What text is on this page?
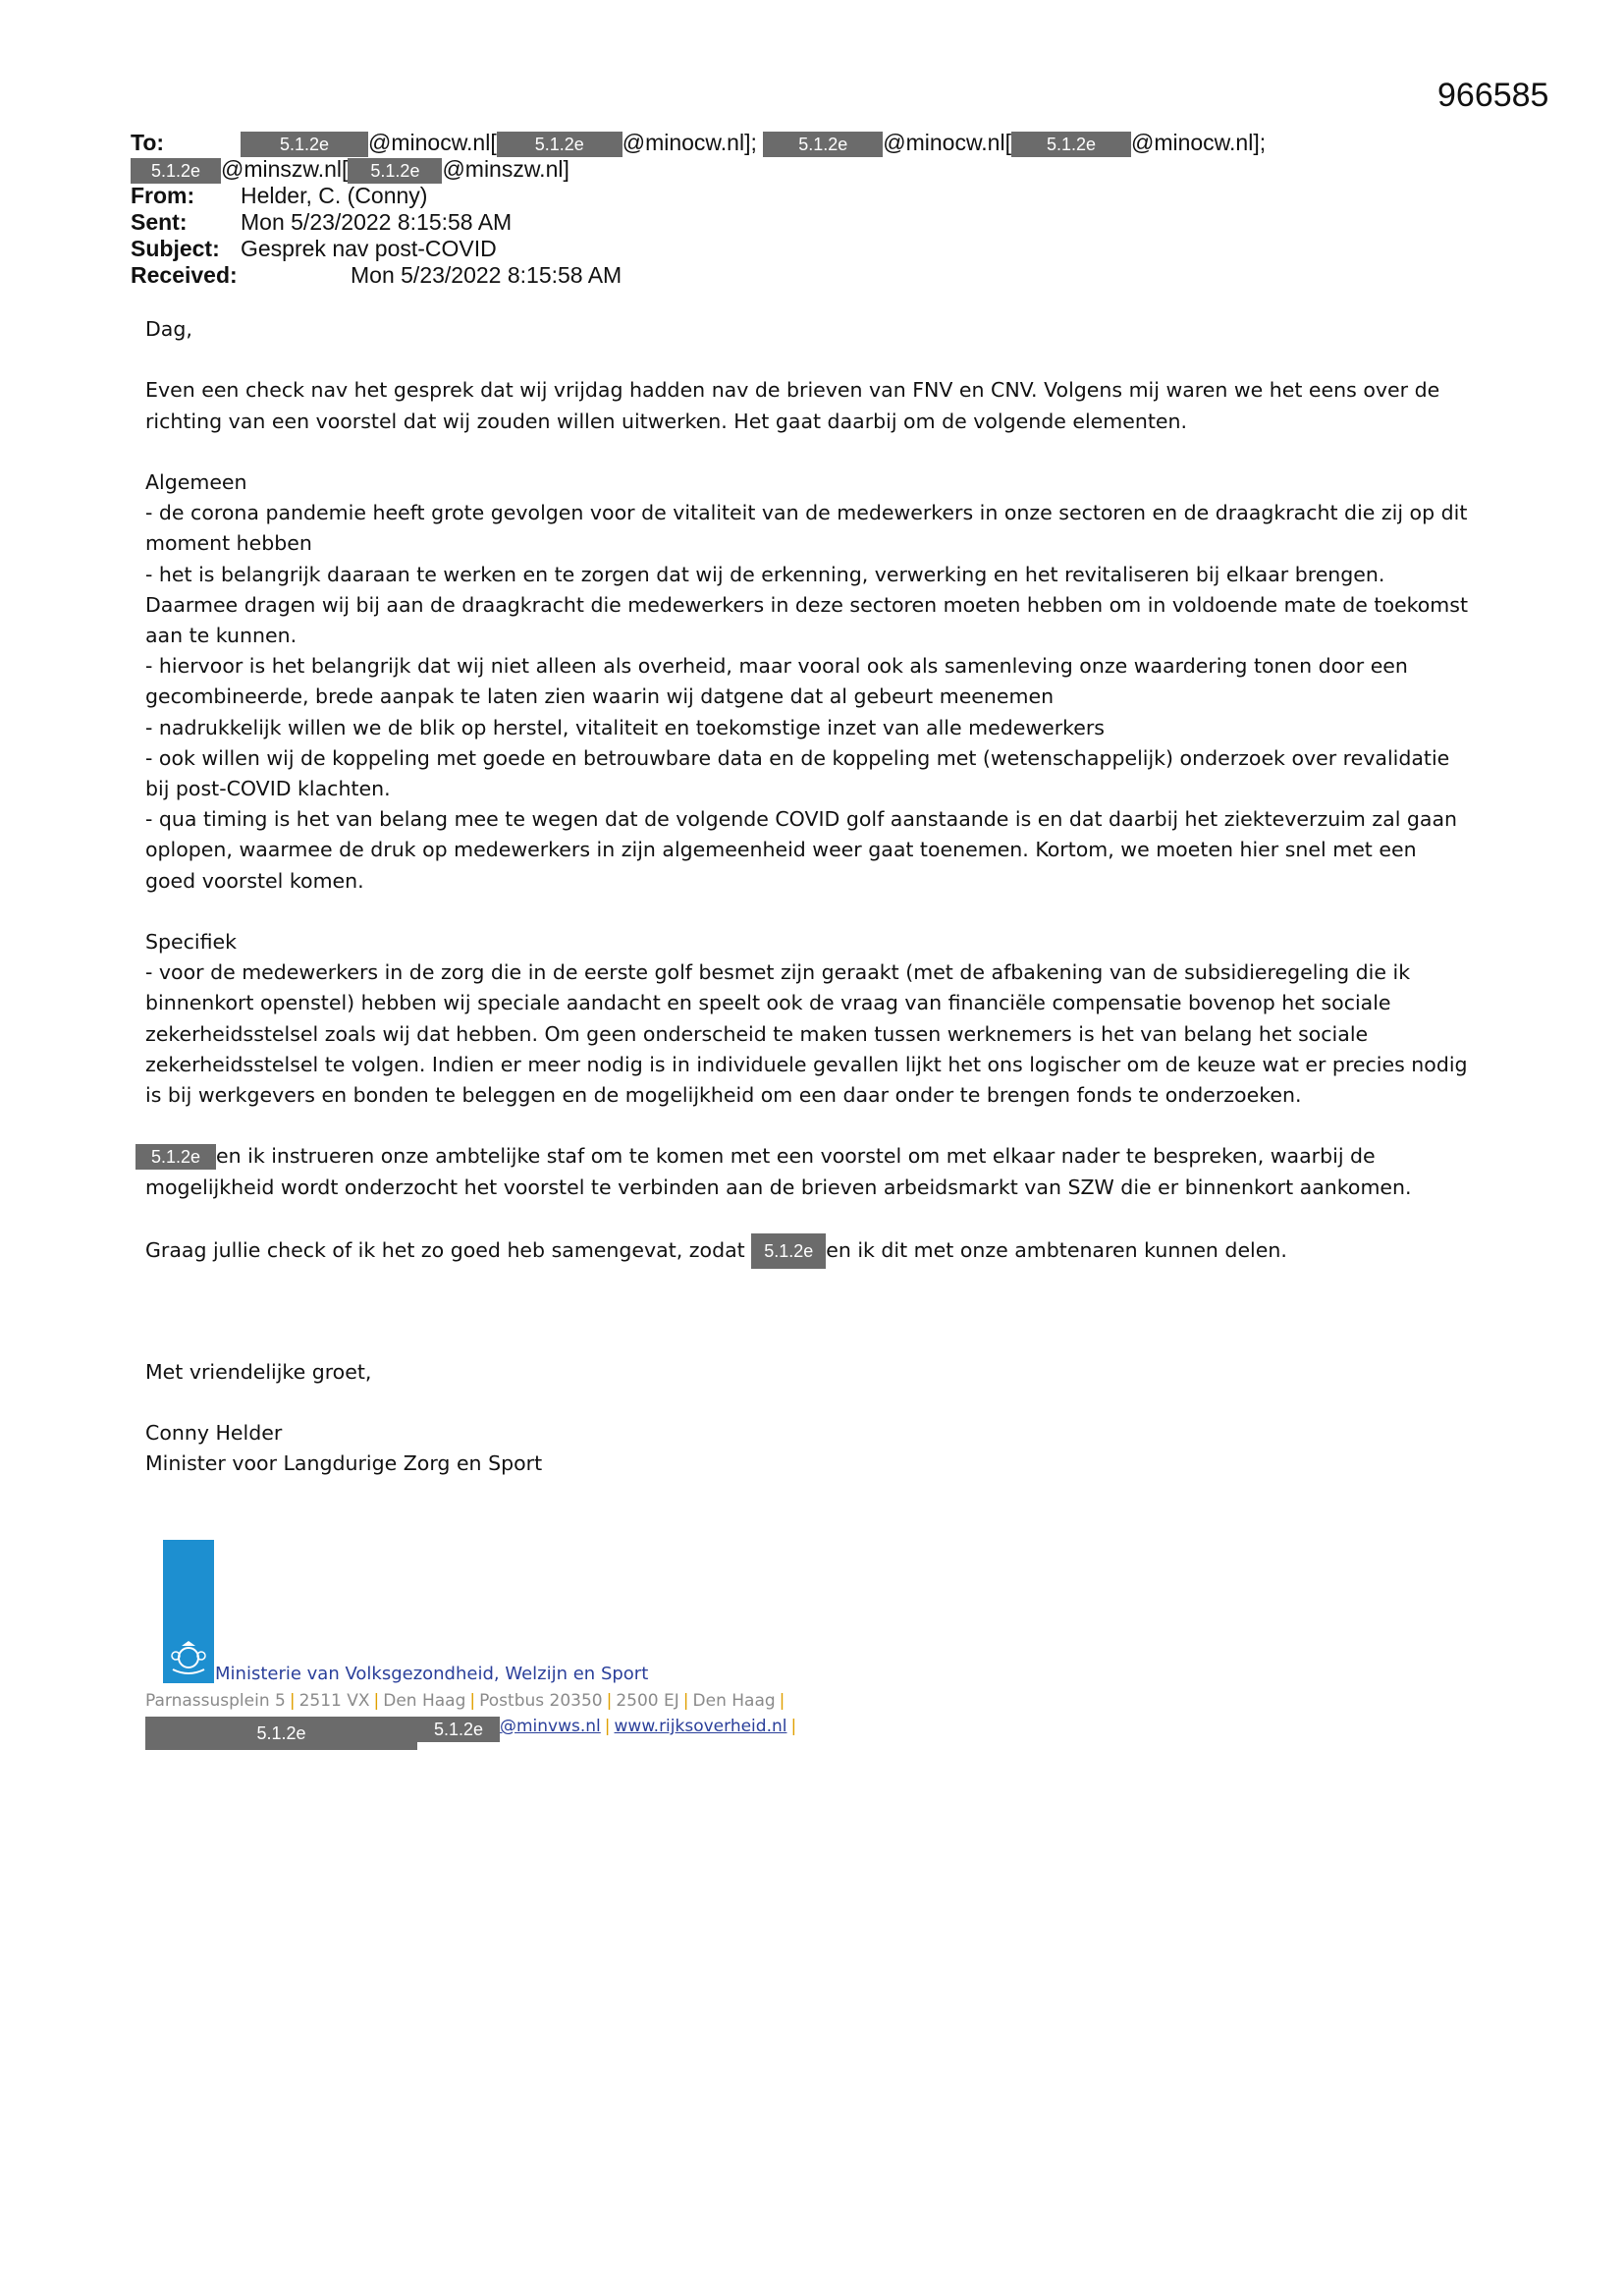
966585
To:	5.1.2e @minocw.nl[ 5.1.2e @minocw.nl]; 5.1.2e @minocw.nl[ 5.1.2e @minocw.nl];
5.1.2e @minszw.nl[ 5.1.2e @minszw.nl]
From: Helder, C. (Conny)
Sent: Mon 5/23/2022 8:15:58 AM
Subject: Gesprek nav post-COVID
Received:	Mon 5/23/2022 8:15:58 AM

Dag,

Even een check nav het gesprek dat wij vrijdag hadden nav de brieven van FNV en CNV. Volgens mij waren we het eens over de

richting van een voorstel dat wij zouden willen uitwerken. Het gaat daarbij om de volgende elementen.

Algemeen

- de corona pandemie heeft grote gevolgen voor de vitaliteit van de medewerkers in onze sectoren en de draagkracht die zij op dit

moment hebben

- het is belangrijk daaraan te werken en te zorgen dat wij de erkenning, verwerking en het revitaliseren bij elkaar brengen.

Daarmee dragen wij bij aan de draagkracht die medewerkers in deze sectoren moeten hebben om in voldoende mate de toekomst

aan te kunnen.

- hiervoor is het belangrijk dat wij niet alleen als overheid, maar vooral ook als samenleving onze waardering tonen door een

gecombineerde, brede aanpak te laten zien waarin wij datgene dat al gebeurt meenemen

- nadrukkelijk willen we de blik op herstel, vitaliteit en toekomstige inzet van alle medewerkers

- ook willen wij de koppeling met goede en betrouwbare data en de koppeling met (wetenschappelijk) onderzoek over revalidatie

bij post-COVID klachten.

- qua timing is het van belang mee te wegen dat de volgende COVID golf aanstaande is en dat daarbij het ziekteverzuim zal gaan

oplopen, waarmee de druk op medewerkers in zijn algemeenheid weer gaat toenemen. Kortom, we moeten hier snel met een

goed voorstel komen.

Specifiek

- voor de medewerkers in de zorg die in de eerste golf besmet zijn geraakt (met de afbakening van de subsidieregeling die ik

binnenkort openstel) hebben wij speciale aandacht en speelt ook de vraag van financiële compensatie bovenop het sociale

zekerheidsstelsel zoals wij dat hebben. Om geen onderscheid te maken tussen werknemers is het van belang het sociale

zekerheidsstelsel te volgen. Indien er meer nodig is in individuele gevallen lijkt het ons logischer om de keuze wat er precies nodig

is bij werkgevers en bonden te beleggen en de mogelijkheid om een daar onder te brengen fonds te onderzoeken.

5.1.2e en ik instrueren onze ambtelijke staf om te komen met een voorstel om met elkaar nader te bespreken, waarbij de

mogelijkheid wordt onderzocht het voorstel te verbinden aan de brieven arbeidsmarkt van SZW die er binnenkort aankomen.

Graag jullie check of ik het zo goed heb samengevat, zodat 5.1.2e en ik dit met onze ambtenaren kunnen delen.

Met vriendelijke groet,
Conny Helder
Minister voor Langdurige Zorg en Sport
Ministerie van Volksgezondheid, Welzijn en Sport
Parnassusplein 5 | 2511 VX | Den Haag | Postbus 20350 | 2500 EJ | Den Haag |
5.1.2e	5.1.2e @minvws.nl | www.rijksoverheid.nl |
